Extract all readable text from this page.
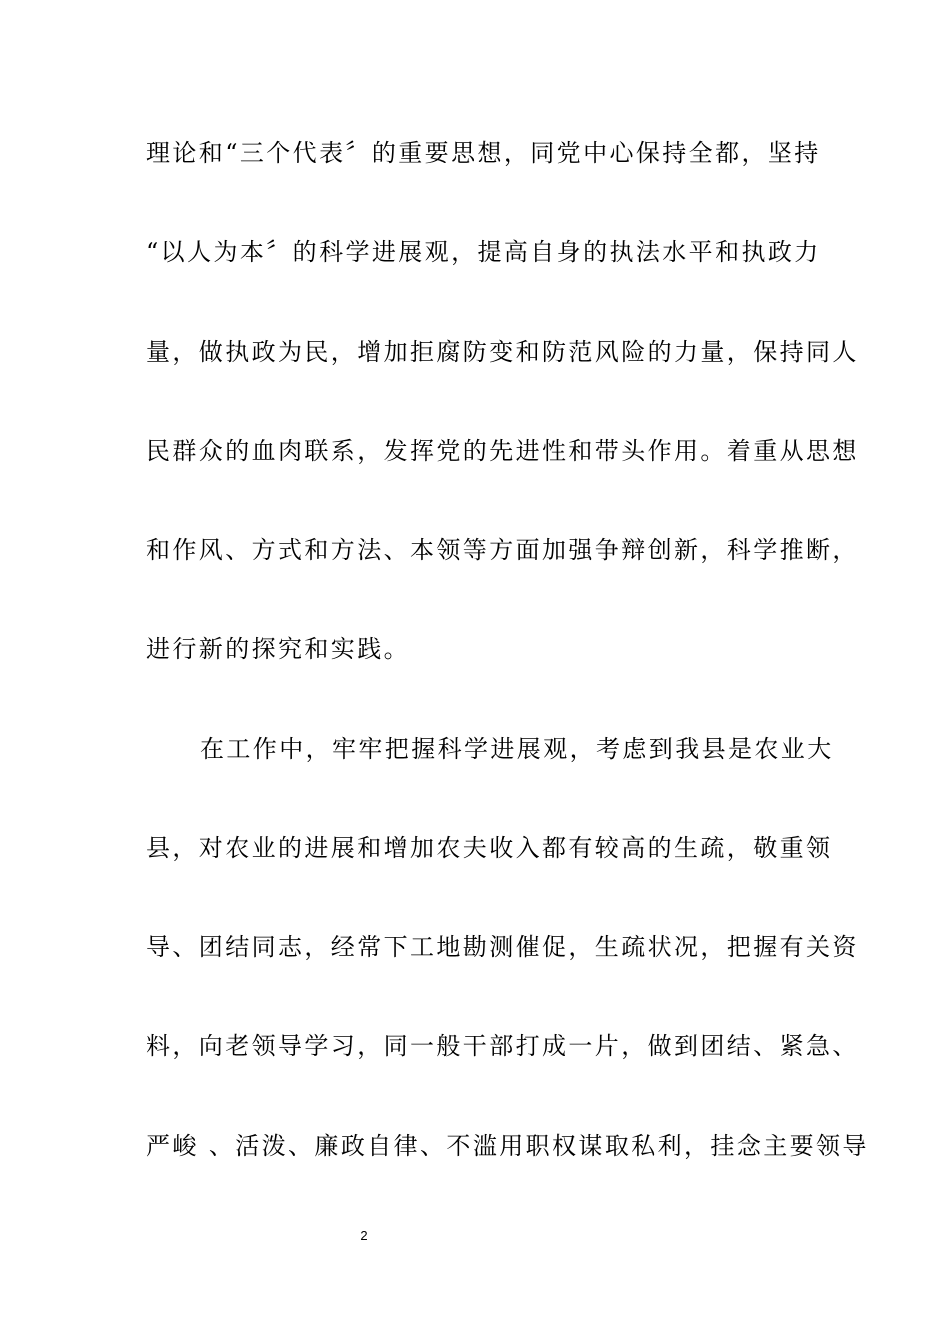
理论和“三个代表〞的重要思想，同党中心保持全都，坚持
“以人为本〞的科学进展观，提高自身的执法水平和执政力
量，做执政为民，增加拒腐防变和防范风险的力量，保持同人
民群众的血肉联系，发挥党的先进性和带头作用。着重从思想
和作风、方式和方法、本领等方面加强争辩创新，科学推断，
进行新的探究和实践。
在工作中，牢牢把握科学进展观，考虑到我县是农业大
县，对农业的进展和增加农夫收入都有较高的生疏，敬重领
导、团结同志，经常下工地勘测催促，生疏状况，把握有关资
料，向老领导学习，同一般干部打成一片，做到团结、紧急、
严峻 、活泼、廉政自律、不滥用职权谋取私利，挂念主要领导
2
